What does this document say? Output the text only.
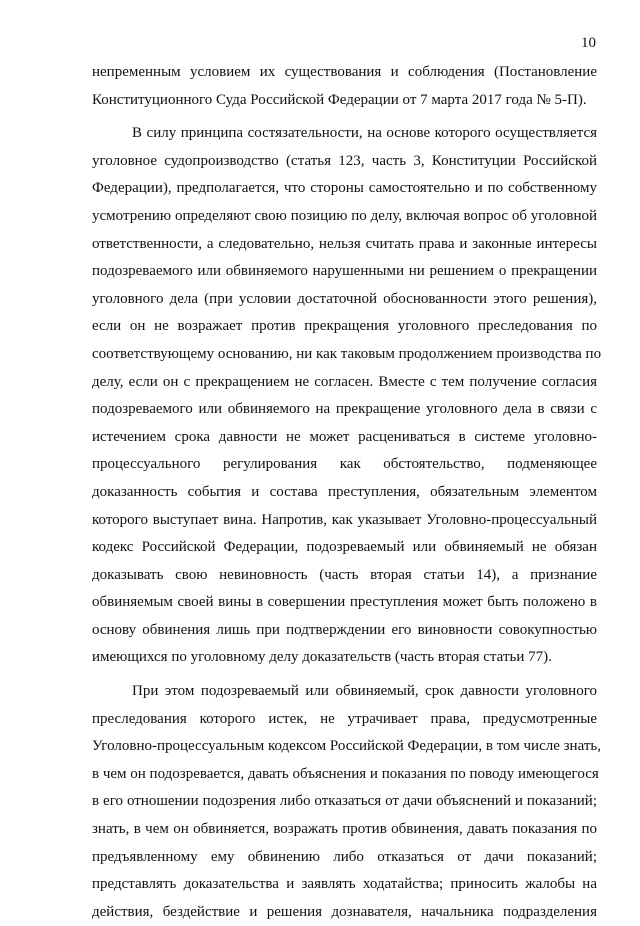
10
непременным условием их существования и соблюдения (Постановление
Конституционного Суда Российской Федерации от 7 марта 2017 года № 5-П).
В силу принципа состязательности, на основе которого осуществляется
уголовное судопроизводство (статья 123, часть 3, Конституции Российской
Федерации), предполагается, что стороны самостоятельно и по собственному
усмотрению определяют свою позицию по делу, включая вопрос об уголовной
ответственности, а следовательно, нельзя считать права и законные интересы
подозреваемого или обвиняемого нарушенными ни решением о прекращении
уголовного дела (при условии достаточной обоснованности этого решения),
если он не возражает против прекращения уголовного преследования по
соответствующему основанию, ни как таковым продолжением производства по
делу, если он с прекращением не согласен. Вместе с тем получение согласия
подозреваемого или обвиняемого на прекращение уголовного дела в связи с
истечением срока давности не может расцениваться в системе уголовно-
процессуального регулирования как обстоятельство, подменяющее
доказанность события и состава преступления, обязательным элементом
которого выступает вина. Напротив, как указывает Уголовно-процессуальный
кодекс Российской Федерации, подозреваемый или обвиняемый не обязан
доказывать свою невиновность (часть вторая статьи 14), а признание
обвиняемым своей вины в совершении преступления может быть положено в
основу обвинения лишь при подтверждении его виновности совокупностью
имеющихся по уголовному делу доказательств (часть вторая статьи 77).
При этом подозреваемый или обвиняемый, срок давности уголовного
преследования которого истек, не утрачивает права, предусмотренные
Уголовно-процессуальным кодексом Российской Федерации, в том числе знать,
в чем он подозревается, давать объяснения и показания по поводу имеющегося
в его отношении подозрения либо отказаться от дачи объяснений и показаний;
знать, в чем он обвиняется, возражать против обвинения, давать показания по
предъявленному ему обвинению либо отказаться от дачи показаний;
представлять доказательства и заявлять ходатайства; приносить жалобы на
действия, бездействие и решения дознавателя, начальника подразделения
